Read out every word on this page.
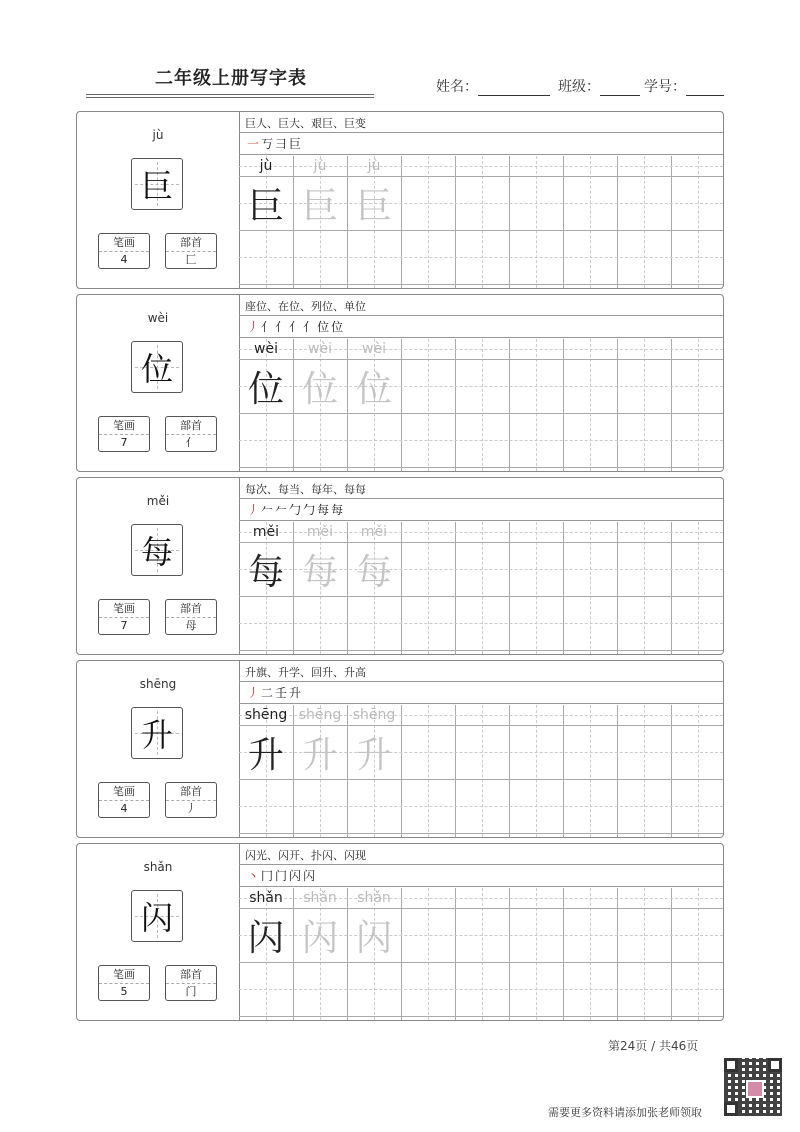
二年级上册写字表	姓名：	班级：	学号：
jù
巨
笔画
4
部首
匚
巨人、巨大、艰巨、巨变
一丂彐巨
jù
巨
jù
巨
jù
巨
wèi
位
笔画
7
部首
亻
座位、在位、列位、单位
丿亻亻亻亻位位
wèi
位
wèi
位
wèi
位
měi
每
笔画
7
部首
母
每次、每当、每年、每每
丿𠂉𠂉勹勹每每
měi
每
měi
每
měi
每
shēng
升
笔画
4
部首
丿
升旗、升学、回升、升高
丿二壬升
shēng
升
shēng
升
shēng
升
shǎn
闪
笔画
5
部首
门
闪光、闪开、扑闪、闪现
丶冂门闪闪
shǎn
闪
shǎn
闪
shǎn
闪
第24页 / 共46页
需要更多资料请添加张老师领取
